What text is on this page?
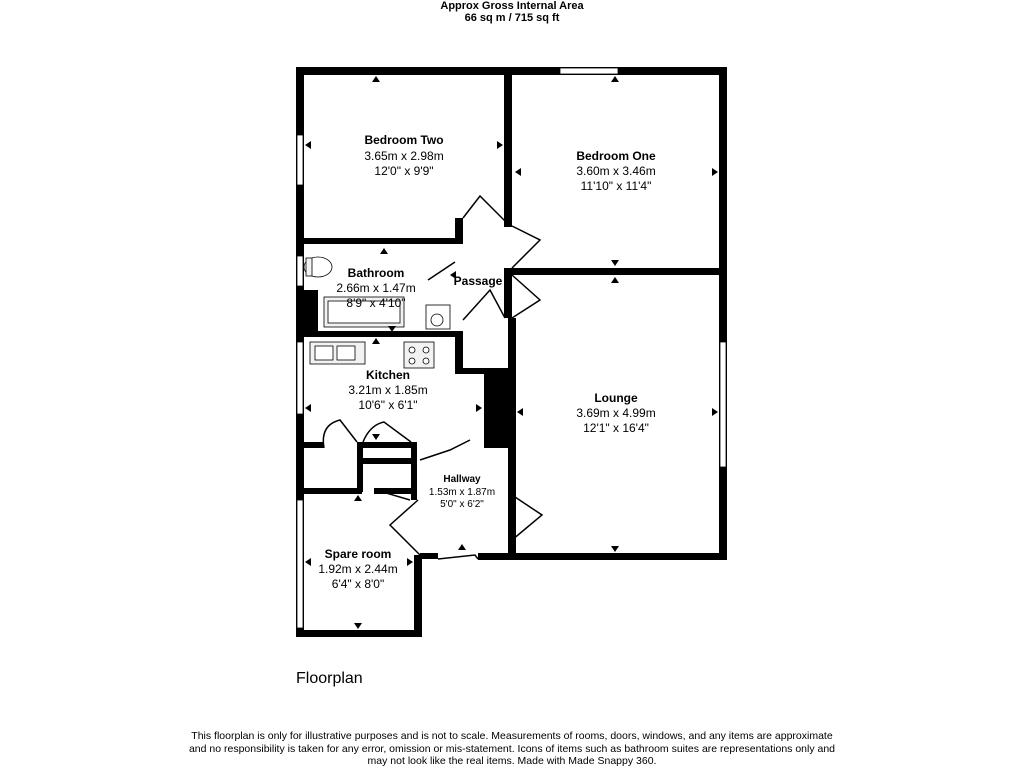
Approx Gross Internal Area
66 sq m / 715 sq ft
Bedroom Two
3.65m x 2.98m
12'0" x 9'9"
Bedroom One
3.60m x 3.46m
11'10" x 11'4"
Bathroom
2.66m x 1.47m
8'9" x 4'10"
Passage
Kitchen
3.21m x 1.85m
10'6" x 6'1"	Lounge
3.69m x 4.99m
12'1" x 16'4"
Hallway
1.53m x 1.87m
5'0" x 6'2"
Spare room
1.92m x 2.44m
6'4" x 8'0"
Floorplan
This floorplan is only for illustrative purposes and is not to scale. Measurements of rooms, doors, windows, and any items are approximate
and no responsibility is taken for any error, omission or mis-statement. Icons of items such as bathroom suites are representations only and
may not look like the real items. Made with Made Snappy 360.
